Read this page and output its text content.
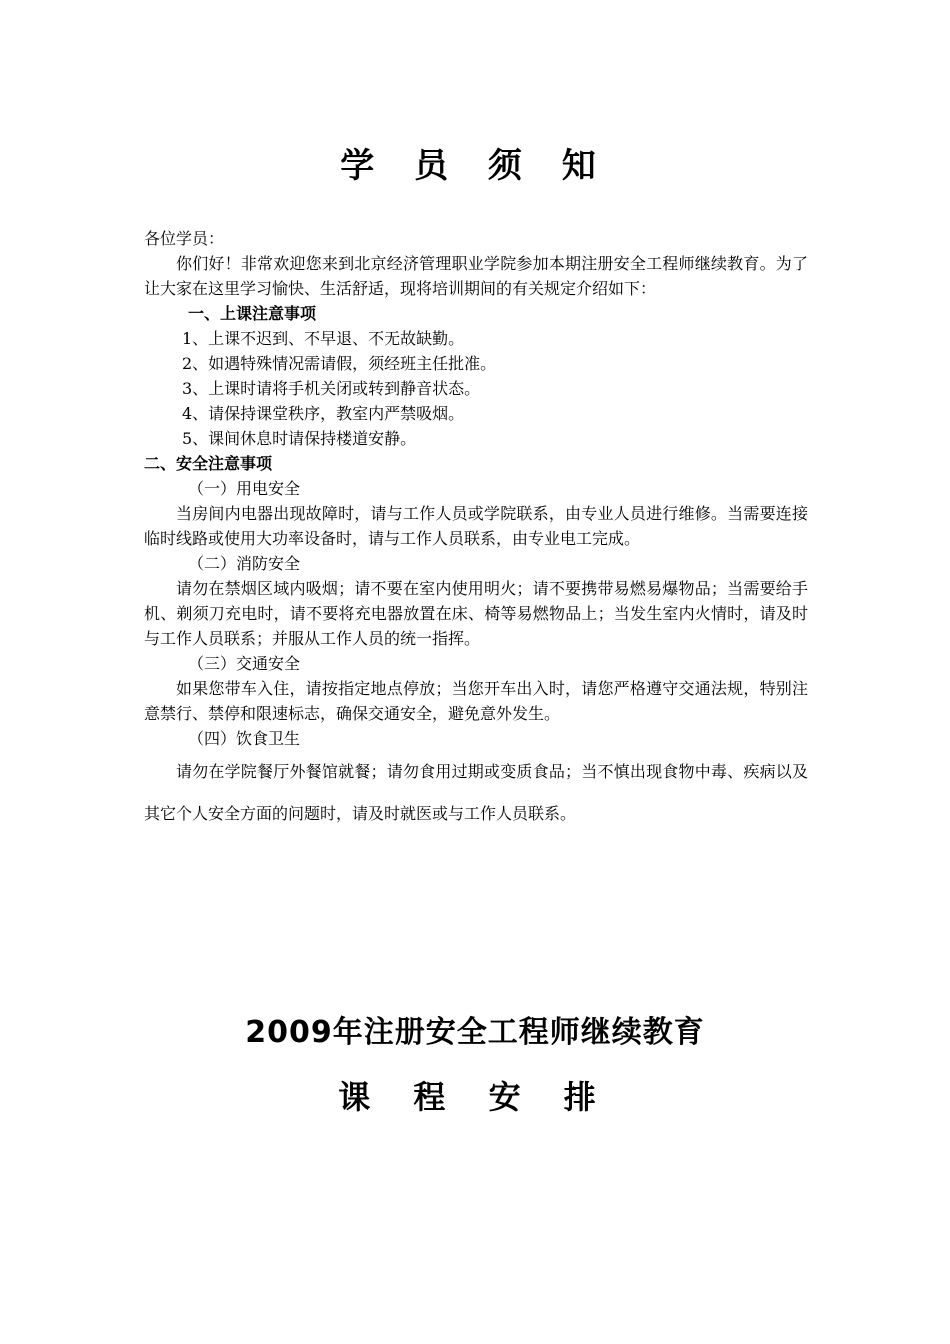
学 员 须 知

各位学员：

你们好！非常欢迎您来到北京经济管理职业学院参加本期注册安全工程师继续教育。为了让大家在这里学习愉快、生活舒适，现将培训期间的有关规定介绍如下：

一、上课注意事项

1、上课不迟到、不早退、不无故缺勤。

2、如遇特殊情况需请假，须经班主任批准。

3、上课时请将手机关闭或转到静音状态。

4、请保持课堂秩序，教室内严禁吸烟。

5、课间休息时请保持楼道安静。

二、安全注意事项

（一）用电安全

当房间内电器出现故障时，请与工作人员或学院联系，由专业人员进行维修。当需要连接临时线路或使用大功率设备时，请与工作人员联系，由专业电工完成。

（二）消防安全

请勿在禁烟区域内吸烟；请不要在室内使用明火；请不要携带易燃易爆物品；当需要给手机、剃须刀充电时，请不要将充电器放置在床、椅等易燃物品上；当发生室内火情时，请及时与工作人员联系；并服从工作人员的统一指挥。

（三）交通安全

如果您带车入住，请按指定地点停放；当您开车出入时，请您严格遵守交通法规，特别注意禁行、禁停和限速标志，确保交通安全，避免意外发生。

（四）饮食卫生

请勿在学院餐厅外餐馆就餐；请勿食用过期或变质食品；当不慎出现食物中毒、疾病以及其它个人安全方面的问题时，请及时就医或与工作人员联系。

2009年注册安全工程师继续教育
课 程 安 排
